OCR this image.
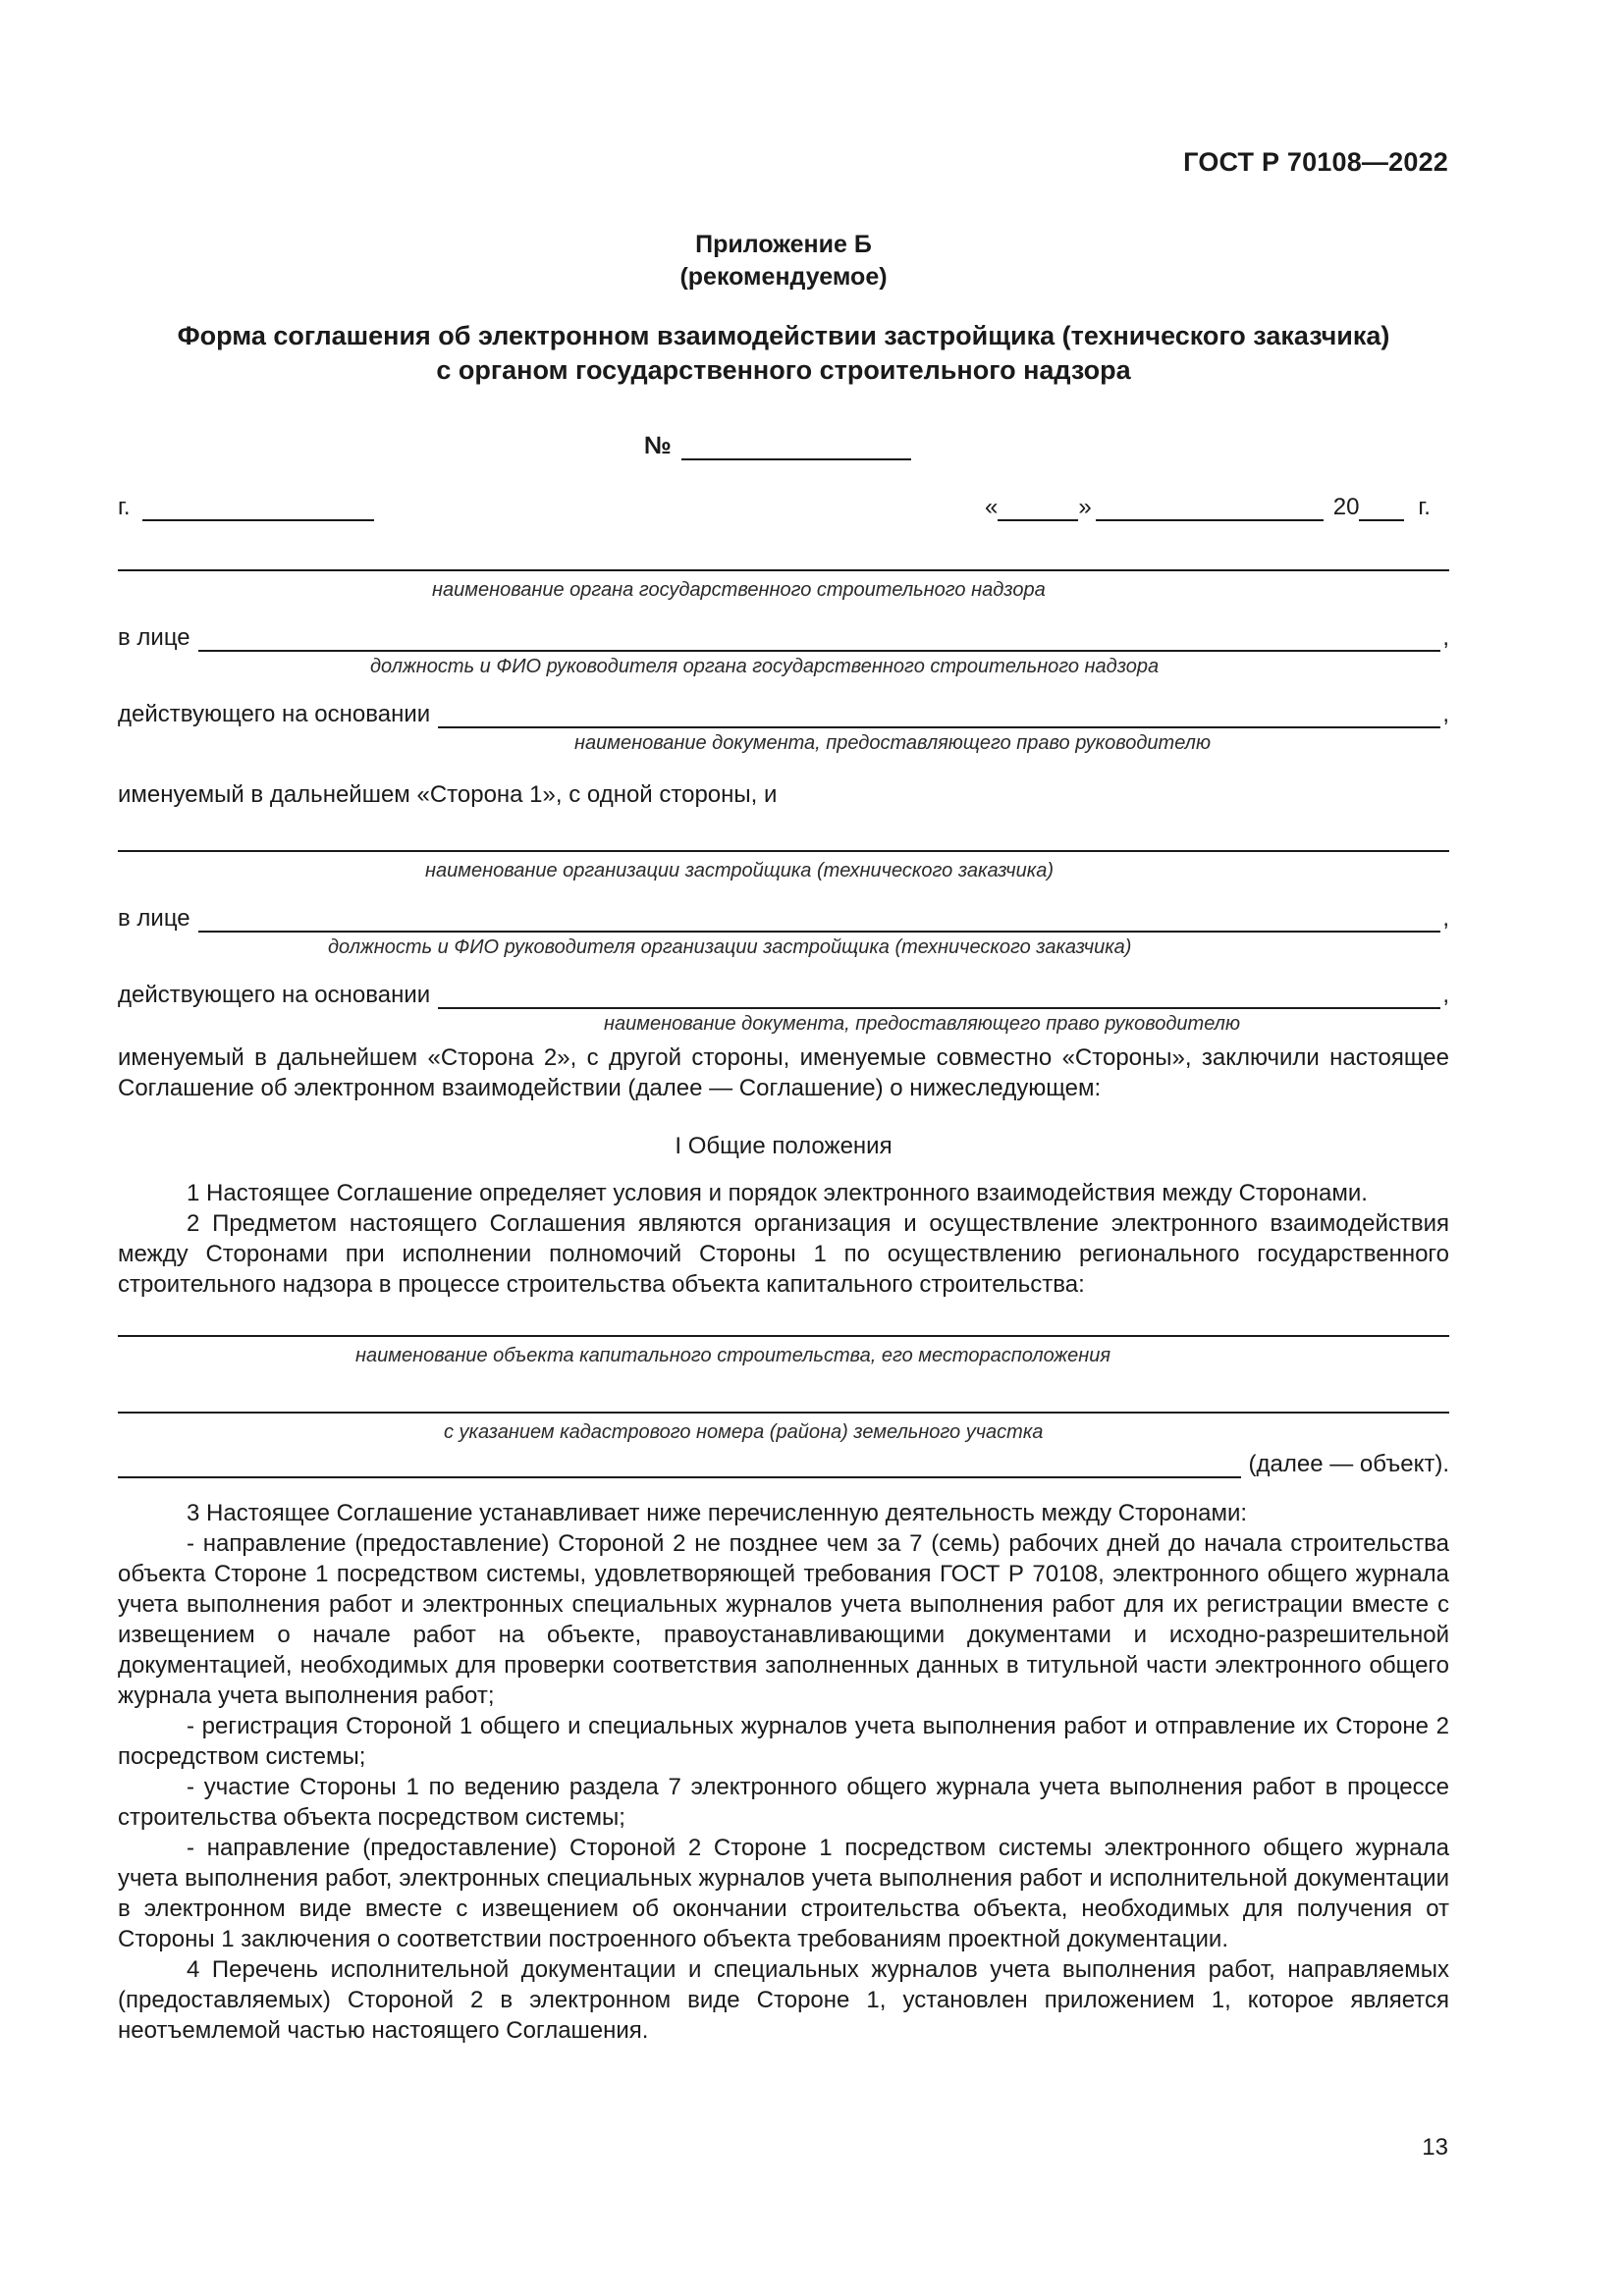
ГОСТ Р 70108—2022
Приложение Б
(рекомендуемое)
Форма соглашения об электронном взаимодействии застройщика (технического заказчика)
с органом государственного строительного надзора
№
г.	«	»	20	г.
наименование органа государственного строительного надзора
в лице	,
должность и ФИО руководителя органа государственного строительного надзора
действующего на основании	,
наименование документа, предоставляющего право руководителю
именуемый в дальнейшем «Сторона 1», с одной стороны, и
наименование организации застройщика (технического заказчика)
в лице	,
должность и ФИО руководителя организации застройщика (технического заказчика)
действующего на основании	,
наименование документа, предоставляющего право руководителю

именуемый в дальнейшем «Сторона 2», с другой стороны, именуемые совместно «Стороны», заключили настоящее Соглашение об электронном взаимодействии (далее — Соглашение) о нижеследующем:

I Общие положения

1 Настоящее Соглашение определяет условия и порядок электронного взаимодействия между Сторонами.

2 Предметом настоящего Соглашения являются организация и осуществление электронного взаимодействия между Сторонами при исполнении полномочий Стороны 1 по осуществлению регионального государственного строительного надзора в процессе строительства объекта капитального строительства:

наименование объекта капитального строительства, его месторасположения
с указанием кадастрового номера (района) земельного участка
(далее — объект).

3 Настоящее Соглашение устанавливает ниже перечисленную деятельность между Сторонами:

- направление (предоставление) Стороной 2 не позднее чем за 7 (семь) рабочих дней до начала строительства объекта Стороне 1 посредством системы, удовлетворяющей требования ГОСТ Р 70108, электронного общего журнала учета выполнения работ и электронных специальных журналов учета выполнения работ для их регистрации вместе с извещением о начале работ на объекте, правоустанавливающими документами и исходно-разрешительной документацией, необходимых для проверки соответствия заполненных данных в титульной части электронного общего журнала учета выполнения работ;

- регистрация Стороной 1 общего и специальных журналов учета выполнения работ и отправление их Стороне 2 посредством системы;

- участие Стороны 1 по ведению раздела 7 электронного общего журнала учета выполнения работ в процессе строительства объекта посредством системы;

- направление (предоставление) Стороной 2 Стороне 1 посредством системы электронного общего журнала учета выполнения работ, электронных специальных журналов учета выполнения работ и исполнительной документации в электронном виде вместе с извещением об окончании строительства объекта, необходимых для получения от Стороны 1 заключения о соответствии построенного объекта требованиям проектной документации.

4 Перечень исполнительной документации и специальных журналов учета выполнения работ, направляемых (предоставляемых) Стороной 2 в электронном виде Стороне 1, установлен приложением 1, которое является неотъемлемой частью настоящего Соглашения.

13
